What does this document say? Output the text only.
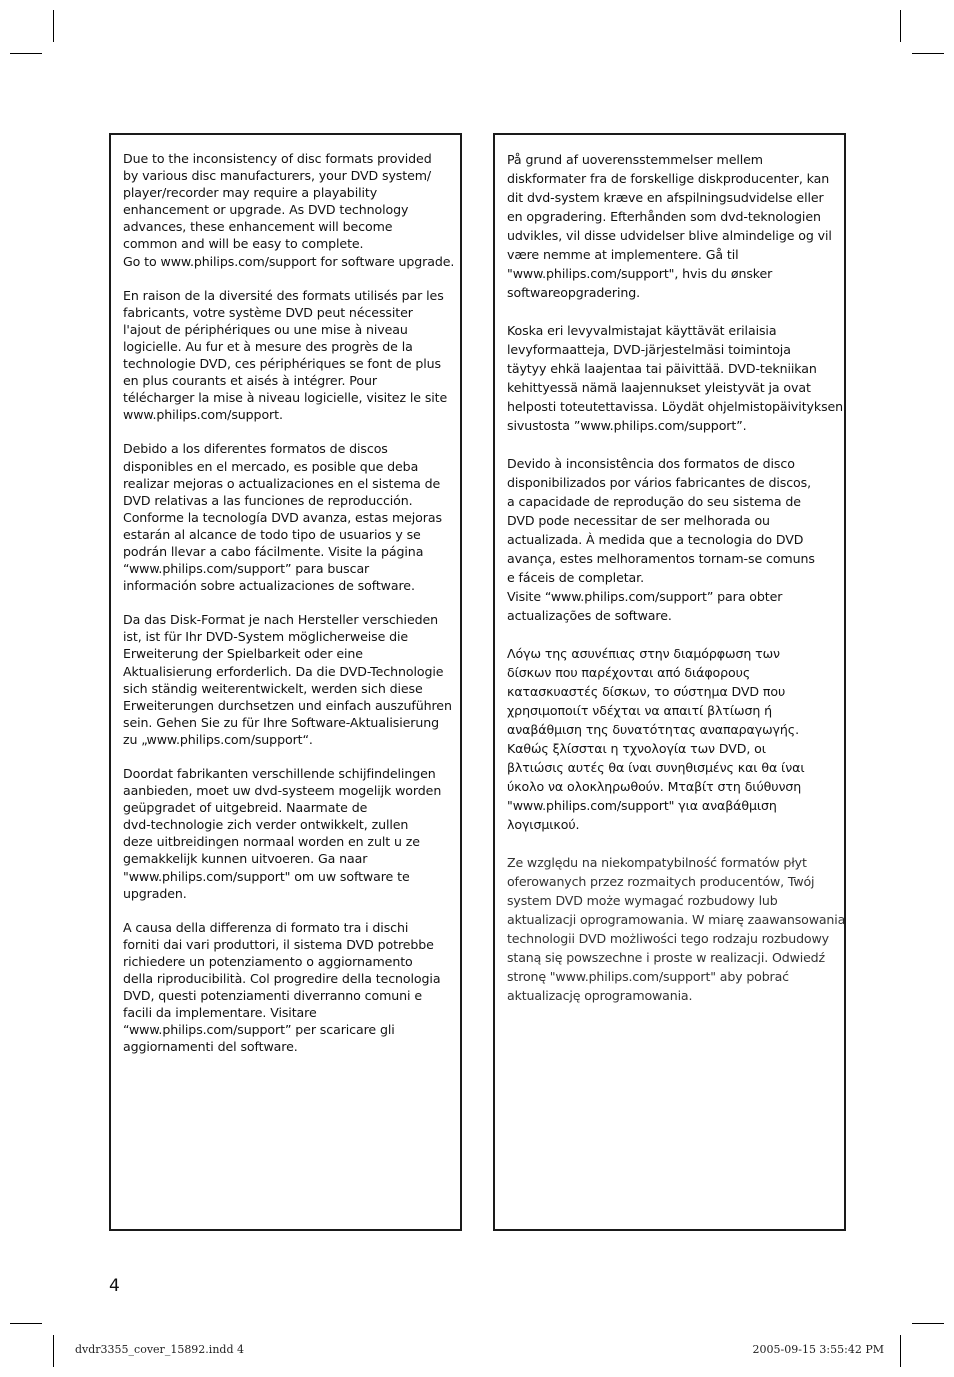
Due to the inconsistency of disc formats provided
by various disc manufacturers, your DVD system/
player/recorder may require a playability
enhancement or upgrade. As DVD technology
advances, these enhancement will become
common and will be easy to complete.
Go to www.philips.com/support for software upgrade.
En raison de la diversité des formats utilisés par les
fabricants, votre système DVD peut nécessiter
l'ajout de périphériques ou une mise à niveau
logicielle. Au fur et à mesure des progrès de la
technologie DVD, ces périphériques se font de plus
en plus courants et aisés à intégrer. Pour
télécharger la mise à niveau logicielle, visitez le site
www.philips.com/support.
Debido a los diferentes formatos de discos
disponibles en el mercado, es posible que deba
realizar mejoras o actualizaciones en el sistema de
DVD relativas a las funciones de reproducción.
Conforme la tecnología DVD avanza, estas mejoras
estarán al alcance de todo tipo de usuarios y se
podrán llevar a cabo fácilmente. Visite la página
“www.philips.com/support” para buscar
información sobre actualizaciones de software.
Da das Disk-Format je nach Hersteller verschieden
ist, ist für Ihr DVD-System möglicherweise die
Erweiterung der Spielbarkeit oder eine
Aktualisierung erforderlich. Da die DVD-Technologie
sich ständig weiterentwickelt, werden sich diese
Erweiterungen durchsetzen und einfach auszuführen
sein. Gehen Sie zu für Ihre Software-Aktualisierung
zu „www.philips.com/support“.
Doordat fabrikanten verschillende schijfindelingen
aanbieden, moet uw dvd-systeem mogelijk worden
geüpgradet of uitgebreid. Naarmate de
dvd-technologie zich verder ontwikkelt, zullen
deze uitbreidingen normaal worden en zult u ze
gemakkelijk kunnen uitvoeren. Ga naar
"www.philips.com/support" om uw software te
upgraden.
A causa della differenza di formato tra i dischi
forniti dai vari produttori, il sistema DVD potrebbe
richiedere un potenziamento o aggiornamento
della riproducibilità. Col progredire della tecnologia
DVD, questi potenziamenti diverranno comuni e
facili da implementare. Visitare
“www.philips.com/support” per scaricare gli
aggiornamenti del software.
På grund af uoverensstemmelser mellem
diskformater fra de forskellige diskproducenter, kan
dit dvd-system kræve en afspilningsudvidelse eller
en opgradering. Efterhånden som dvd-teknologien
udvikles, vil disse udvidelser blive almindelige og vil
være nemme at implementere. Gå til
"www.philips.com/support", hvis du ønsker
softwareopgradering.
Koska eri levyvalmistajat käyttävät erilaisia
levyformaatteja, DVD-järjestelmäsi toimintoja
täytyy ehkä laajentaa tai päivittää. DVD-tekniikan
kehittyessä nämä laajennukset yleistyvät ja ovat
helposti toteutettavissa. Löydät ohjelmistopäivityksen
sivustosta ”www.philips.com/support”.
Devido à inconsistência dos formatos de disco
disponibilizados por vários fabricantes de discos,
a capacidade de reprodução do seu sistema de
DVD pode necessitar de ser melhorada ou
actualizada. À medida que a tecnologia do DVD
avança, estes melhoramentos tornam-se comuns
e fáceis de completar.
Visite “www.philips.com/support” para obter
actualizações de software.
Λόγω της ασυνέπιας στην διαμόρφωση των
δίσκων που παρέχονται από διάφορους
κατασκυαστές δίσκων, το σύστημα DVD που
χρησιμοποιίτ νδέχται να απαιτί βλτίωση ή
αναβάθμιση της δυνατότητας αναπαραγωγής.
Καθώς ξλίσσται η τχνολογία των DVD, οι
βλτιώσις αυτές θα ίναι συνηθισμένς και θα ίναι
ύκολο να ολοκληρωθούν. Μταβίτ στη διύθυνση
"www.philips.com/support" για αναβάθμιση
λογισμικού.
Ze względu na niekompatybilność formatów płyt
oferowanych przez rozmaitych producentów, Twój
system DVD może wymagać rozbudowy lub
aktualizacji oprogramowania. W miarę zaawansowania
technologii DVD możliwości tego rodzaju rozbudowy
staną się powszechne i proste w realizacji. Odwiedź
stronę "www.philips.com/support" aby pobrać
aktualizację oprogramowania.
4
dvdr3355_cover_15892.indd 4	2005-09-15 3:55:42 PM
